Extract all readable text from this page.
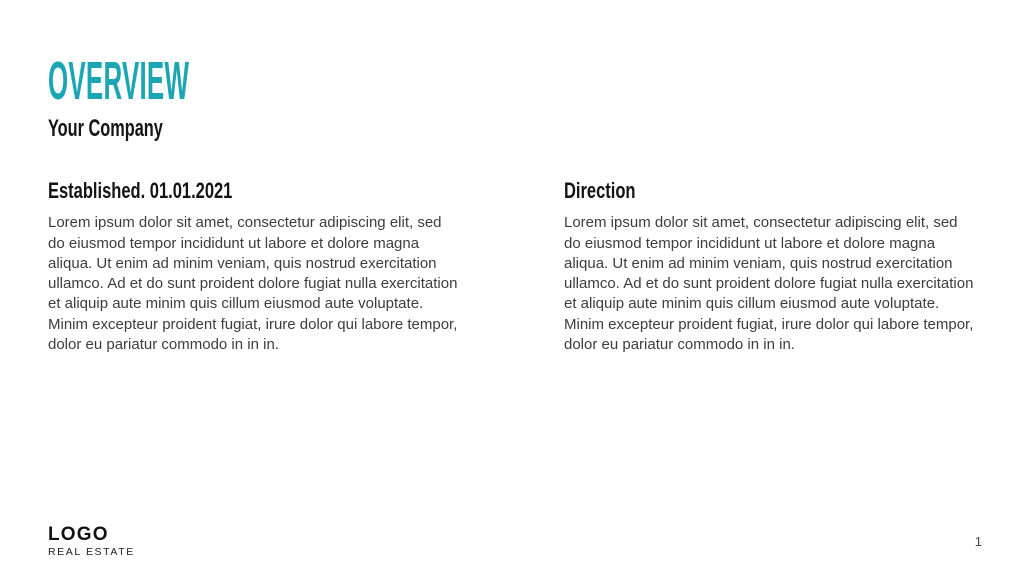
OVERVIEW
Your Company
Established. 01.01.2021

Lorem ipsum dolor sit amet, consectetur adipiscing elit, sed do eiusmod tempor incididunt ut labore et dolore magna aliqua. Ut enim ad minim veniam, quis nostrud exercitation ullamco. Ad et do sunt proident dolore fugiat nulla exercitation et aliquip aute minim quis cillum eiusmod aute voluptate. Minim excepteur proident fugiat, irure dolor qui labore tempor, dolor eu pariatur commodo in in in.

Direction

Lorem ipsum dolor sit amet, consectetur adipiscing elit, sed do eiusmod tempor incididunt ut labore et dolore magna aliqua. Ut enim ad minim veniam, quis nostrud exercitation ullamco. Ad et do sunt proident dolore fugiat nulla exercitation et aliquip aute minim quis cillum eiusmod aute voluptate. Minim excepteur proident fugiat, irure dolor qui labore tempor, dolor eu pariatur commodo in in in.

LOGO
REAL ESTATE
1
